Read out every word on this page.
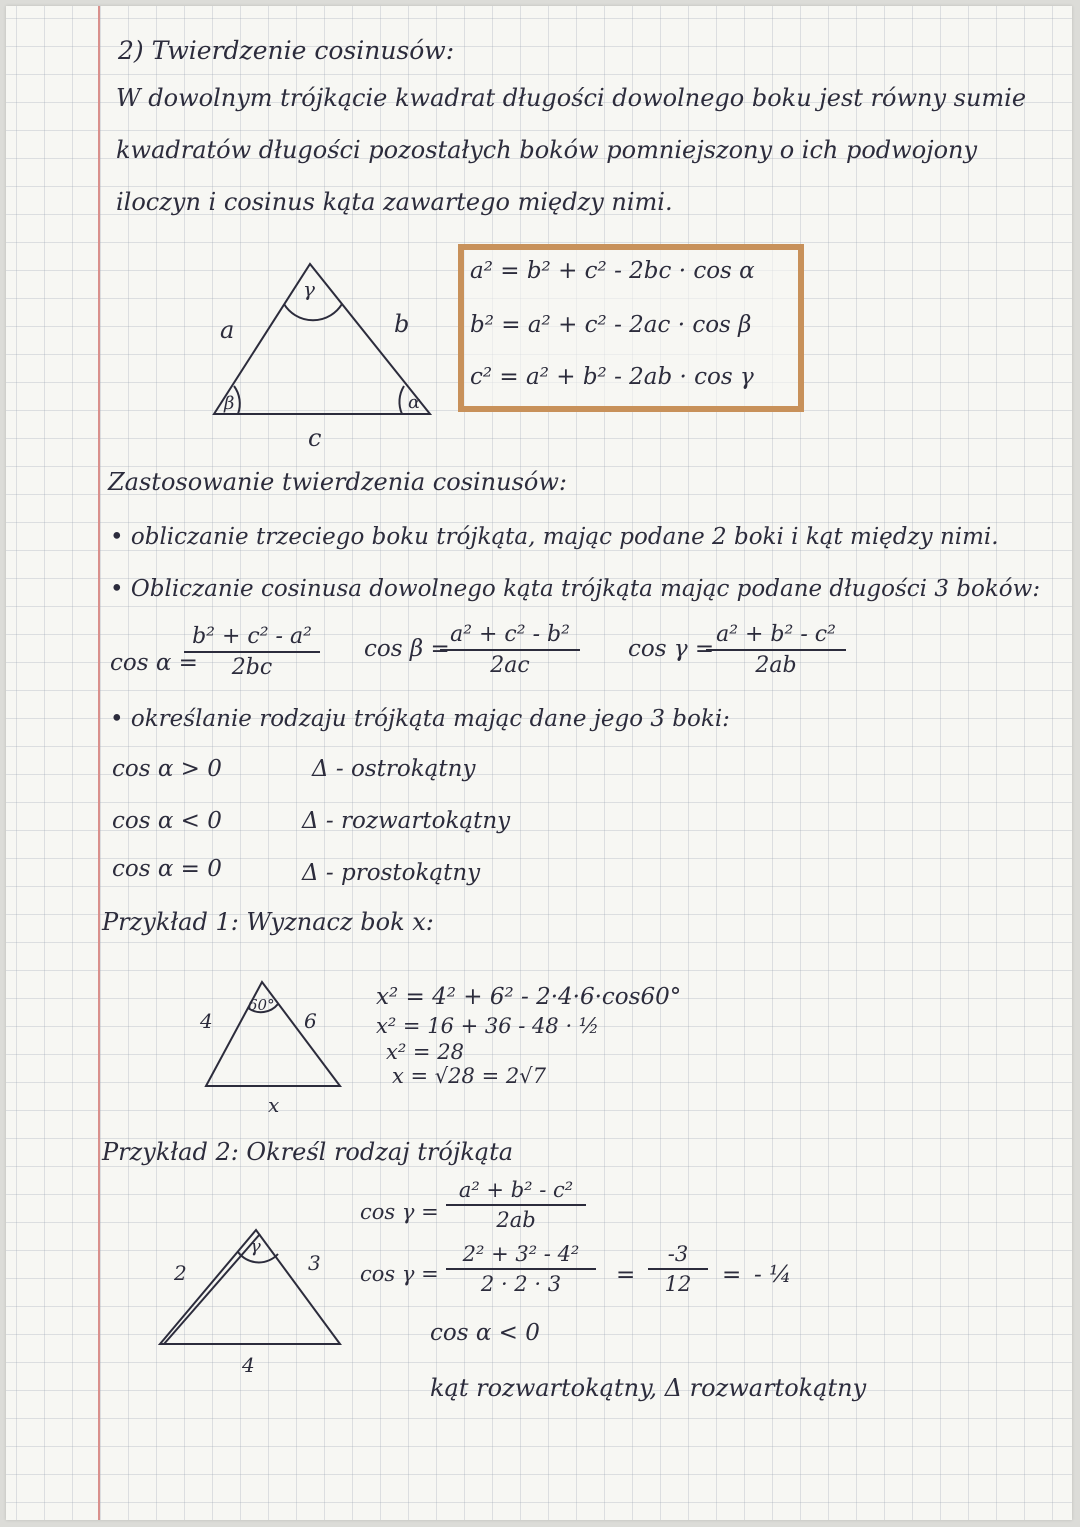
2) Twierdzenie cosinusów:
W dowolnym trójkącie kwadrat długości dowolnego boku jest równy sumie
kwadratów długości pozostałych boków pomniejszony o ich podwojony
iloczyn i cosinus kąta zawartego między nimi.
γ
β	α
a	b
c
a² = b² + c² - 2bc · cos α
b² = a² + c² - 2ac · cos β
c² = a² + b² - 2ab · cos γ
Zastosowanie twierdzenia cosinusów:
• obliczanie trzeciego boku trójkąta, mając podane 2 boki i kąt między nimi.
• Obliczanie cosinusa dowolnego kąta trójkąta mając podane długości 3 boków:
cos α =
$\frac{\text{b² + c² - a²}}{2bc}$ cos β =
$\frac{\text{a² + c² - b²}}{2ac}$ cos γ =
$\frac{\text{a² + b² - c²}}{2ab}$
• określanie rodzaju trójkąta mając dane jego 3 boki:
cos α > 0	Δ - ostrokątny
cos α < 0	Δ - rozwartokątny
cos α = 0	Δ - prostokątny
Przykład 1: Wyznacz bok x:
60°
4	6
x
x² = 4² + 6² - 2·4·6·cos60°
x² = 16 + 36 - 48 · ½
x² = 28
x = √28 = 2√7
Przykład 2: Określ rodzaj trójkąta
γ
2	3
4
$\cos \gamma = \frac{\text{a² + b² - c²}}{2ab}$
$\cos \gamma = \frac{\text{2² + 3² - 4²}}{2 \cdot 2 \cdot 3} = \frac{-3}{12}$ = - ¼
cos α < 0
kąt rozwartokątny, Δ rozwartokątny
